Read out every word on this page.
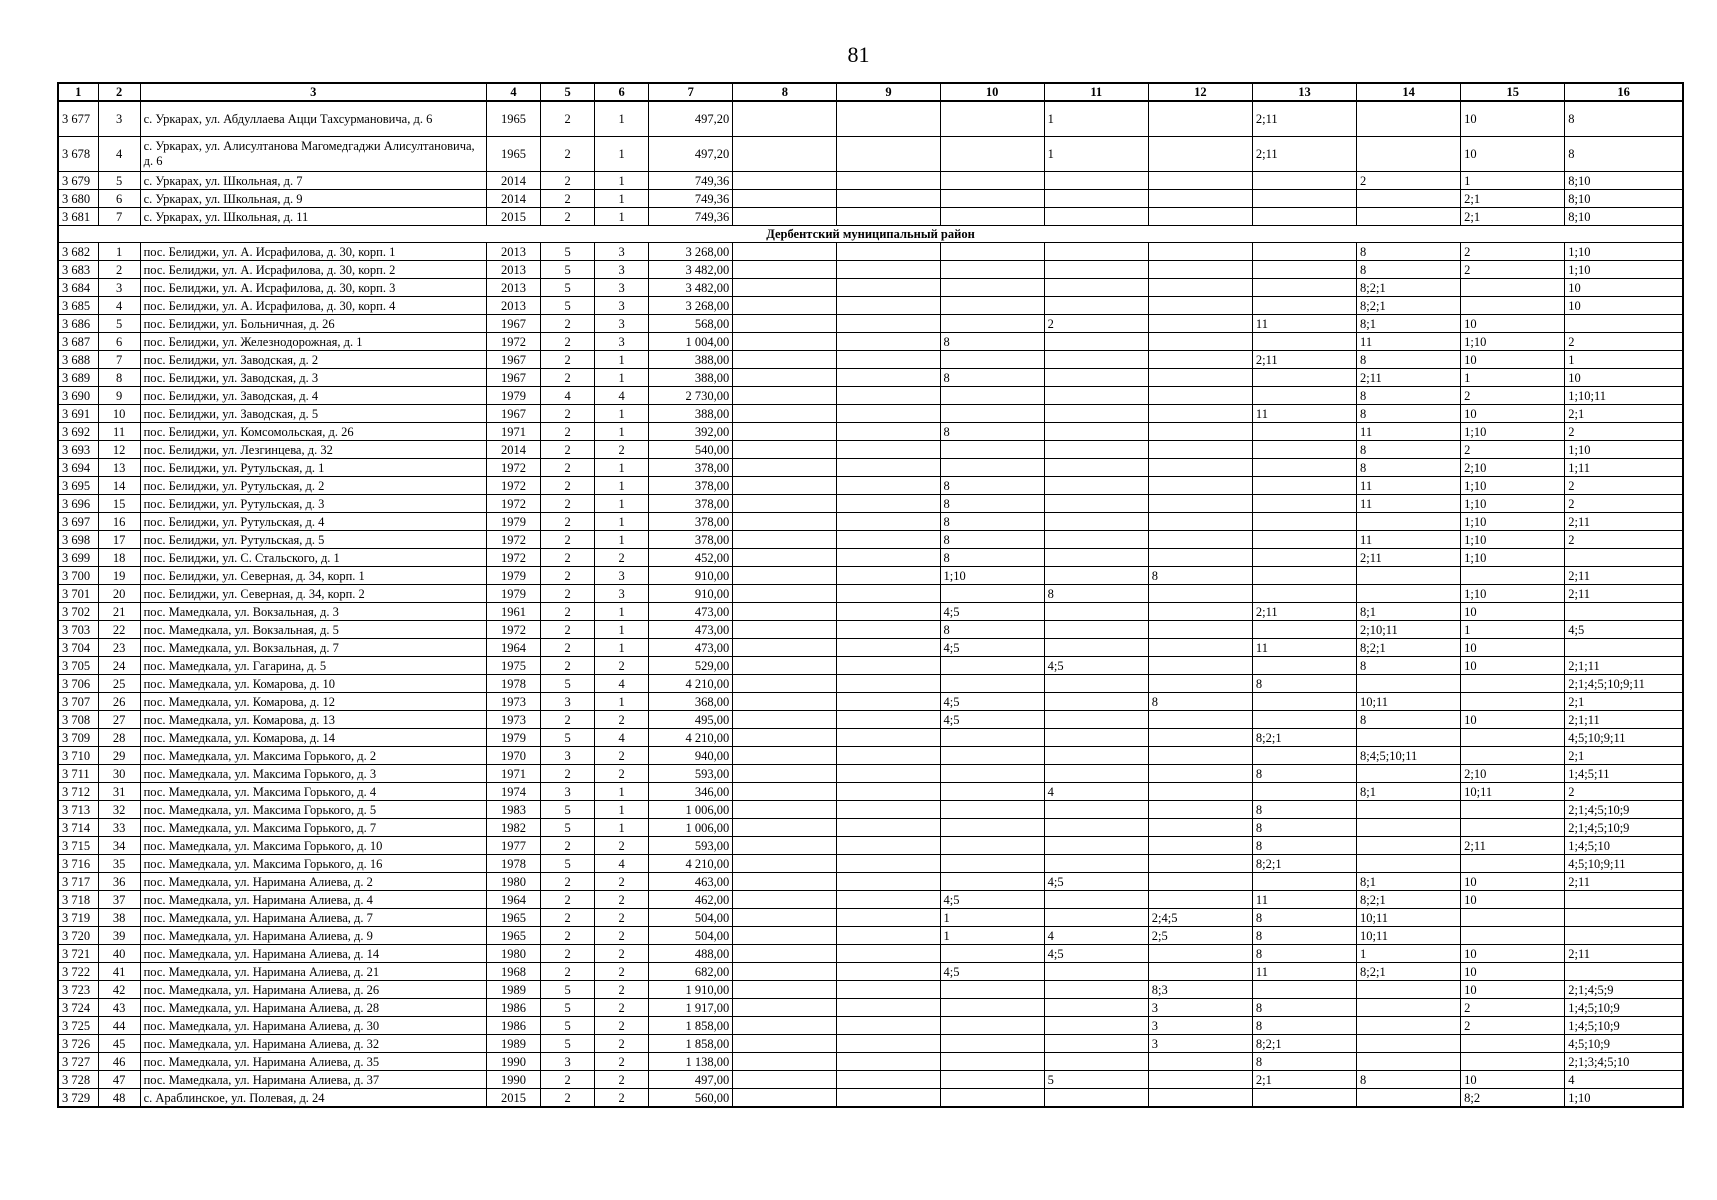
81
1	2	3	4	5	6	7	8	9	10	11	12	13	14	15	16
3 677	3	с. Уркарах, ул. Абдуллаева Ацци Тахсурмановича, д. 6	1965	2	1	497,20				1		2;11		10	8
3 678	4	с. Уркарах, ул. Алисултанова Магомедгаджи Алисултановича, д. 6	1965	2	1	497,20				1		2;11		10	8
3 679	5	с. Уркарах, ул. Школьная, д. 7	2014	2	1	749,36							2	1	8;10
3 680	6	с. Уркарах, ул. Школьная, д. 9	2014	2	1	749,36								2;1	8;10
3 681	7	с. Уркарах, ул. Школьная, д. 11	2015	2	1	749,36								2;1	8;10
Дербентский муниципальный район															
3 682	1	пос. Белиджи, ул. А. Исрафилова, д. 30, корп. 1	2013	5	3	3 268,00							8	2	1;10
3 683	2	пос. Белиджи, ул. А. Исрафилова, д. 30, корп. 2	2013	5	3	3 482,00							8	2	1;10
3 684	3	пос. Белиджи, ул. А. Исрафилова, д. 30, корп. 3	2013	5	3	3 482,00							8;2;1		10
3 685	4	пос. Белиджи, ул. А. Исрафилова, д. 30, корп. 4	2013	5	3	3 268,00							8;2;1		10
3 686	5	пос. Белиджи, ул. Больничная, д. 26	1967	2	3	568,00				2		11	8;1	10	
3 687	6	пос. Белиджи, ул. Железнодорожная, д. 1	1972	2	3	1 004,00			8				11	1;10	2
3 688	7	пос. Белиджи, ул. Заводская, д. 2	1967	2	1	388,00						2;11	8	10	1
3 689	8	пос. Белиджи, ул. Заводская, д. 3	1967	2	1	388,00			8				2;11	1	10
3 690	9	пос. Белиджи, ул. Заводская, д. 4	1979	4	4	2 730,00							8	2	1;10;11
3 691	10	пос. Белиджи, ул. Заводская, д. 5	1967	2	1	388,00						11	8	10	2;1
3 692	11	пос. Белиджи, ул. Комсомольская, д. 26	1971	2	1	392,00			8				11	1;10	2
3 693	12	пос. Белиджи, ул. Лезгинцева, д. 32	2014	2	2	540,00							8	2	1;10
3 694	13	пос. Белиджи, ул. Рутульская, д. 1	1972	2	1	378,00							8	2;10	1;11
3 695	14	пос. Белиджи, ул. Рутульская, д. 2	1972	2	1	378,00			8				11	1;10	2
3 696	15	пос. Белиджи, ул. Рутульская, д. 3	1972	2	1	378,00			8				11	1;10	2
3 697	16	пос. Белиджи, ул. Рутульская, д. 4	1979	2	1	378,00			8					1;10	2;11
3 698	17	пос. Белиджи, ул. Рутульская, д. 5	1972	2	1	378,00			8				11	1;10	2
3 699	18	пос. Белиджи, ул. С. Стальского, д. 1	1972	2	2	452,00			8				2;11	1;10	
3 700	19	пос. Белиджи, ул. Северная, д. 34, корп. 1	1979	2	3	910,00			1;10		8				2;11
3 701	20	пос. Белиджи, ул. Северная, д. 34, корп. 2	1979	2	3	910,00				8				1;10	2;11
3 702	21	пос. Мамедкала, ул. Вокзальная, д. 3	1961	2	1	473,00			4;5			2;11	8;1	10	
3 703	22	пос. Мамедкала, ул. Вокзальная, д. 5	1972	2	1	473,00			8				2;10;11	1	4;5
3 704	23	пос. Мамедкала, ул. Вокзальная, д. 7	1964	2	1	473,00			4;5			11	8;2;1	10	
3 705	24	пос. Мамедкала, ул. Гагарина, д. 5	1975	2	2	529,00				4;5			8	10	2;1;11
3 706	25	пос. Мамедкала, ул. Комарова, д. 10	1978	5	4	4 210,00						8			2;1;4;5;10;9;11
3 707	26	пос. Мамедкала, ул. Комарова, д. 12	1973	3	1	368,00			4;5		8		10;11		2;1
3 708	27	пос. Мамедкала, ул. Комарова, д. 13	1973	2	2	495,00			4;5				8	10	2;1;11
3 709	28	пос. Мамедкала, ул. Комарова, д. 14	1979	5	4	4 210,00						8;2;1			4;5;10;9;11
3 710	29	пос. Мамедкала, ул. Максима Горького, д. 2	1970	3	2	940,00							8;4;5;10;11		2;1
3 711	30	пос. Мамедкала, ул. Максима Горького, д. 3	1971	2	2	593,00						8		2;10	1;4;5;11
3 712	31	пос. Мамедкала, ул. Максима Горького, д. 4	1974	3	1	346,00				4			8;1	10;11	2
3 713	32	пос. Мамедкала, ул. Максима Горького, д. 5	1983	5	1	1 006,00						8			2;1;4;5;10;9
3 714	33	пос. Мамедкала, ул. Максима Горького, д. 7	1982	5	1	1 006,00						8			2;1;4;5;10;9
3 715	34	пос. Мамедкала, ул. Максима Горького, д. 10	1977	2	2	593,00						8		2;11	1;4;5;10
3 716	35	пос. Мамедкала, ул. Максима Горького, д. 16	1978	5	4	4 210,00						8;2;1			4;5;10;9;11
3 717	36	пос. Мамедкала, ул. Наримана Алиева, д. 2	1980	2	2	463,00				4;5			8;1	10	2;11
3 718	37	пос. Мамедкала, ул. Наримана Алиева, д. 4	1964	2	2	462,00			4;5			11	8;2;1	10	
3 719	38	пос. Мамедкала, ул. Наримана Алиева, д. 7	1965	2	2	504,00			1		2;4;5	8	10;11		
3 720	39	пос. Мамедкала, ул. Наримана Алиева, д. 9	1965	2	2	504,00			1	4	2;5	8	10;11		
3 721	40	пос. Мамедкала, ул. Наримана Алиева, д. 14	1980	2	2	488,00				4;5		8	1	10	2;11
3 722	41	пос. Мамедкала, ул. Наримана Алиева, д. 21	1968	2	2	682,00			4;5			11	8;2;1	10	
3 723	42	пос. Мамедкала, ул. Наримана Алиева, д. 26	1989	5	2	1 910,00					8;3			10	2;1;4;5;9
3 724	43	пос. Мамедкала, ул. Наримана Алиева, д. 28	1986	5	2	1 917,00					3	8		2	1;4;5;10;9
3 725	44	пос. Мамедкала, ул. Наримана Алиева, д. 30	1986	5	2	1 858,00					3	8		2	1;4;5;10;9
3 726	45	пос. Мамедкала, ул. Наримана Алиева, д. 32	1989	5	2	1 858,00					3	8;2;1			4;5;10;9
3 727	46	пос. Мамедкала, ул. Наримана Алиева, д. 35	1990	3	2	1 138,00						8			2;1;3;4;5;10
3 728	47	пос. Мамедкала, ул. Наримана Алиева, д. 37	1990	2	2	497,00				5		2;1	8	10	4
3 729	48	с. Араблинское, ул. Полевая, д. 24	2015	2	2	560,00								8;2	1;10
